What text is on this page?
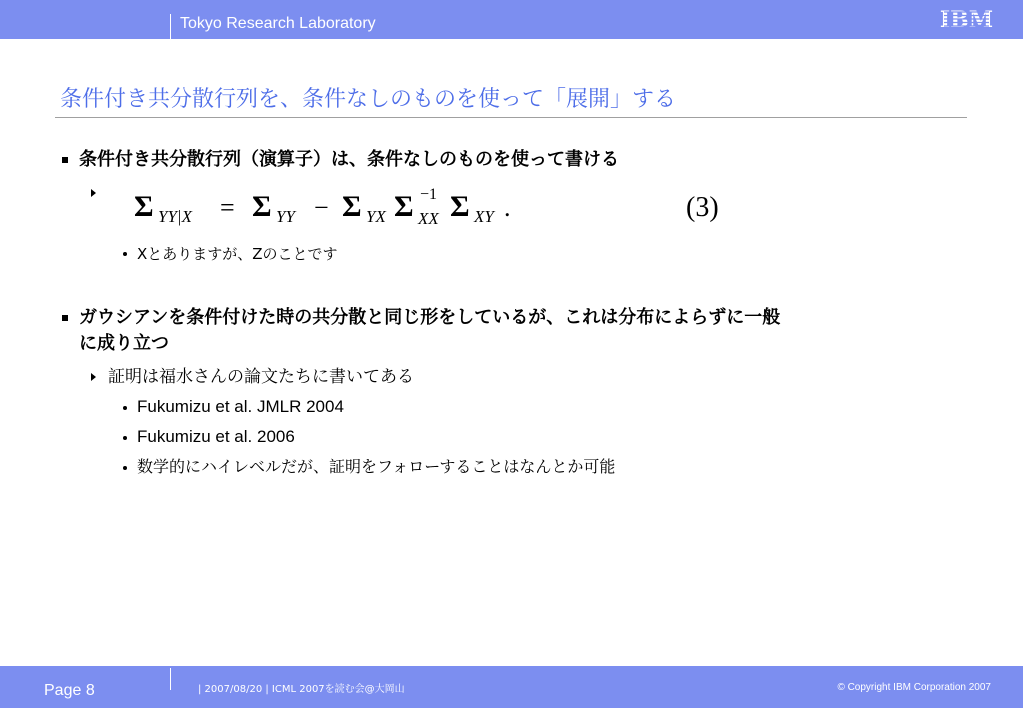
Tokyo Research Laboratory	IBM
条件付き共分散行列を、条件なしのものを使って「展開」する
条件付き共分散行列（演算子）は、条件なしのものを使って書ける
Σ YY|X = Σ YY − Σ YX Σ −1
XX Σ XY .	(3)
Xとありますが、Zのことです
ガウシアンを条件付けた時の共分散と同じ形をしているが、これは分布によらずに一般
に成り立つ
証明は福水さんの論文たちに書いてある
Fukumizu et al. JMLR 2004
Fukumizu et al. 2006
数学的にハイレベルだが、証明をフォローすることはなんとか可能
Page 8	| 2007/08/20 | ICML 2007を読む会@大岡山	© Copyright IBM Corporation 2007
